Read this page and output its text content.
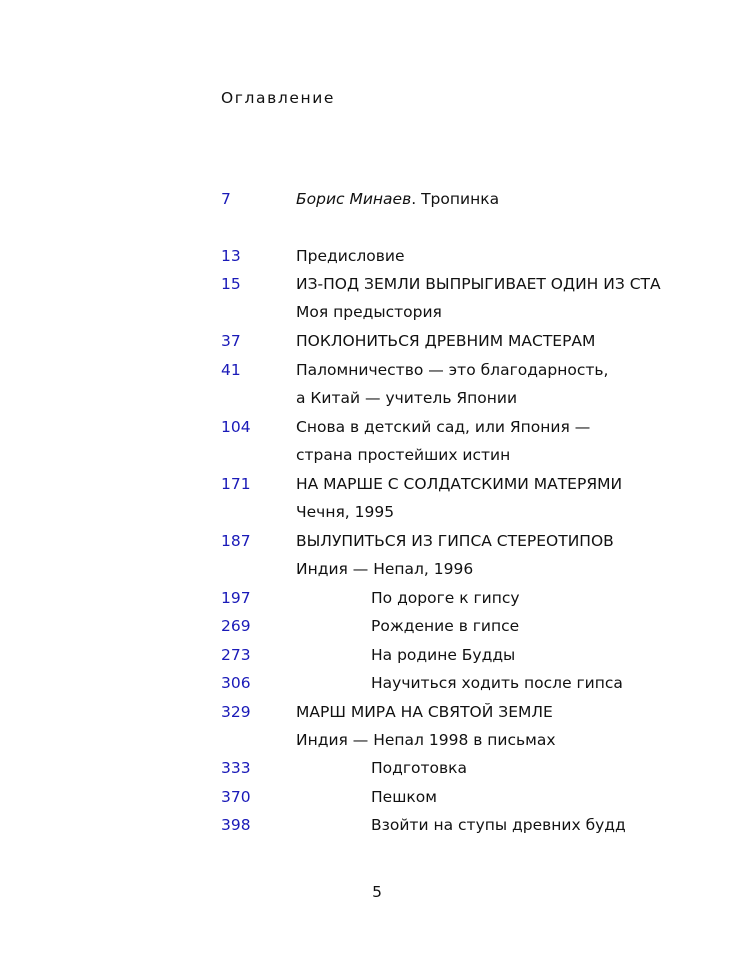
Оглавление
7	Борис Минаев. Тропинка
13	Предисловие
15	ИЗ-ПОД ЗЕМЛИ ВЫПРЫГИВАЕТ ОДИН ИЗ СТА
Моя предыстория
37	ПОКЛОНИТЬСЯ ДРЕВНИМ МАСТЕРАМ
41	Паломничество — это благодарность,
а Китай — учитель Японии
104	Снова в детский сад, или Япония —
страна простейших истин
171	НА МАРШЕ С СОЛДАТСКИМИ МАТЕРЯМИ
Чечня, 1995
187	ВЫЛУПИТЬСЯ ИЗ ГИПСА СТЕРЕОТИПОВ
Индия — Непал, 1996
197	По дороге к гипсу
269	Рождение в гипсе
273	На родине Будды
306	Научиться ходить после гипса
329	МАРШ МИРА НА СВЯТОЙ ЗЕМЛЕ
Индия — Непал 1998 в письмах
333	Подготовка
370	Пешком
398	Взойти на ступы древних будд
5
